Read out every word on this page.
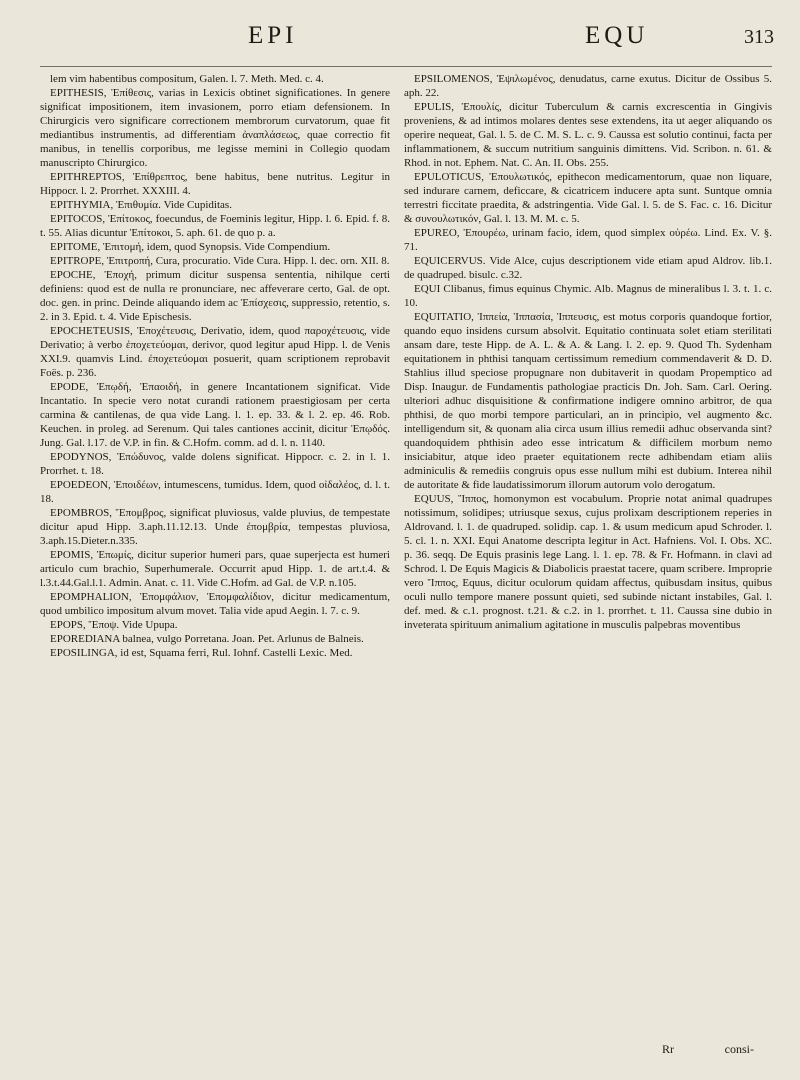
EPI	EQU	313

lem vim habentibus compositum, Galen. l. 7. Meth. Med. c. 4.

EPITHESIS, Ἐπίθεσις, varias in Lexicis obtinet significationes. In genere significat impositionem, item invasionem, porro etiam defensionem. In Chirurgicis vero significare correctionem membrorum curvatorum, quae fit mediantibus instrumentis, ad differentiam ἀναπλάσεως, quae correctio fit manibus, in tenellis corporibus, me legisse memini in Collegio quodam manuscripto Chirurgico.

EPITHREPTOS, Ἐπίθρεπτος, bene habitus, bene nutritus. Legitur in Hippocr. l. 2. Prorrhet. XXXIII. 4.

EPITHYMIA, Ἐπιθυμία. Vide Cupiditas.

EPITOCOS, Ἐπίτοκος, foecundus, de Foeminis legitur, Hipp. l. 6. Epid. f. 8. t. 55. Alias dicuntur Ἐπίτοκοι, 5. aph. 61. de quo p. a.

EPITOME, Ἐπιτομή, idem, quod Synopsis. Vide Compendium.

EPITROPE, Ἐπιτροπή, Cura, procuratio. Vide Cura. Hipp. l. dec. orn. XII. 8.

EPOCHE, Ἐποχή, primum dicitur suspensa sententia, nihilque certi definiens: quod est de nulla re pronunciare, nec affeverare certo, Gal. de opt. doc. gen. in princ. Deinde aliquando idem ac Ἐπίσχεσις, suppressio, retentio, s. 2. in 3. Epid. t. 4. Vide Epischesis.

EPOCHETEUSIS, Ἐποχέτευσις, Derivatio, idem, quod παροχέτευσις, vide Derivatio; à verbo ἐποχετεύομαι, derivor, quod legitur apud Hipp. l. de Venis XXI.9. quamvis Lind. ἐποχετεύομαι posuerit, quam scriptionem reprobavit Foës. p. 236.

EPODE, Ἐπῳδή, Ἐπαοιδή, in genere Incantationem significat. Vide Incantatio. In specie vero notat curandi rationem praestigiosam per certa carmina & cantilenas, de qua vide Lang. l. 1. ep. 33. & l. 2. ep. 46. Rob. Keuchen. in proleg. ad Serenum. Qui tales cantiones accinit, dicitur Ἐπῳδός. Jung. Gal. l.17. de V.P. in fin. & C.Hofm. comm. ad d. l. n. 1140.

EPODYNOS, Ἐπώδυνος, valde dolens significat. Hippocr. c. 2. in l. 1. Prorrhet. t. 18.

EPOEDEON, Ἐποιδέων, intumescens, tumidus. Idem, quod οἰδαλέος, d. l. t. 18.

EPOMBROS, Ἔπομβρος, significat pluviosus, valde pluvius, de tempestate dicitur apud Hipp. 3.aph.11.12.13. Unde ἐπομβρία, tempestas pluviosa, 3.aph.15.Dieter.n.335.

EPOMIS, Ἐπωμίς, dicitur superior humeri pars, quae superjecta est humeri articulo cum brachio, Superhumerale. Occurrit apud Hipp. 1. de art.t.4. & l.3.t.44.Gal.l.1. Admin. Anat. c. 11. Vide C.Hofm. ad Gal. de V.P. n.105.

EPOMPHALION, Ἐπομφάλιον, Ἐπομφαλίδιον, dicitur medicamentum, quod umbilico impositum alvum movet. Talia vide apud Aegin. l. 7. c. 9.

EPOPS, Ἔποψ. Vide Upupa.

EPOREDIANA balnea, vulgo Porretana. Joan. Pet. Arlunus de Balneis.

EPOSILINGA, id est, Squama ferri, Rul. Iohnf. Castelli Lexic. Med.

EPSILOMENOS, Ἐψιλωμένος, denudatus, carne exutus. Dicitur de Ossibus 5. aph. 22.

EPULIS, Ἐπουλίς, dicitur Tuberculum & carnis excrescentia in Gingivis proveniens, & ad intimos molares dentes sese extendens, ita ut aeger aliquando os operire nequeat, Gal. l. 5. de C. M. S. L. c. 9. Caussa est solutio continui, facta per inflammationem, & succum nutritium sanguinis dimittens. Vid. Scribon. n. 61. & Rhod. in not. Ephem. Nat. C. An. II. Obs. 255.

EPULOTICUS, Ἐπουλωτικός, epithecon medicamentorum, quae non liquare, sed indurare carnem, deficcare, & cicatricem inducere apta sunt. Suntque omnia terrestri ficcitate praedita, & adstringentia. Vide Gal. l. 5. de S. Fac. c. 16. Dicitur & συνουλωτικόν, Gal. l. 13. M. M. c. 5.

EPUREO, Ἐπουρέω, urinam facio, idem, quod simplex οὐρέω. Lind. Ex. V. §. 71.

EQUICERVUS. Vide Alce, cujus descriptionem vide etiam apud Aldrov. lib.1. de quadruped. bisulc. c.32.

EQUI Clibanus, fimus equinus Chymic. Alb. Magnus de mineralibus l. 3. t. 1. c. 10.

EQUITATIO, Ἱππεία, Ἱππασία, Ἱππευσις, est motus corporis quandoque fortior, quando equo insidens cursum absolvit. Equitatio continuata solet etiam sterilitati ansam dare, teste Hipp. de A. L. & A. & Lang. l. 2. ep. 9. Quod Th. Sydenham equitationem in phthisi tanquam certissimum remedium commendaverit & D. D. Stahlius illud speciose propugnare non dubitaverit in quodam Propemptico ad Disp. Inaugur. de Fundamentis pathologiae practicis Dn. Joh. Sam. Carl. Oering. ulteriori adhuc disquisitione & confirmatione indigere omnino arbitror, de qua phthisi, de quo morbi tempore particulari, an in principio, vel augmento &c. intelligendum sit, & quonam alia circa usum illius remedii adhuc observanda sint? quandoquidem phthisin adeo esse intricatum & difficilem morbum nemo insiciabitur, atque ideo praeter equitationem recte adhibendam etiam aliis adminiculis & remediis congruis opus esse nullum mihi est dubium. Interea nihil de autoritate & fide laudatissimorum illorum autorum volo derogatum.

EQUUS, Ἵππος, homonymon est vocabulum. Proprie notat animal quadrupes notissimum, solidipes; utriusque sexus, cujus prolixam descriptionem reperies in Aldrovand. l. 1. de quadruped. solidip. cap. 1. & usum medicum apud Schroder. l. 5. cl. 1. n. XXI. Equi Anatome descripta legitur in Act. Hafniens. Vol. I. Obs. XC. p. 36. seqq. De Equis prasinis lege Lang. l. 1. ep. 78. & Fr. Hofmann. in clavi ad Schrod. l. De Equis Magicis & Diabolicis praestat tacere, quam scribere. Improprie vero Ἵππος, Equus, dicitur oculorum quidam affectus, quibusdam insitus, quibus oculi nullo tempore manere possunt quieti, sed subinde nictant instabiles, Gal. l. def. med. & c.1. prognost. t.21. & c.2. in 1. prorrhet. t. 11. Caussa sine dubio in inveterata spirituum animalium agitatione in musculis palpebras moventibus

Rr	consi-
